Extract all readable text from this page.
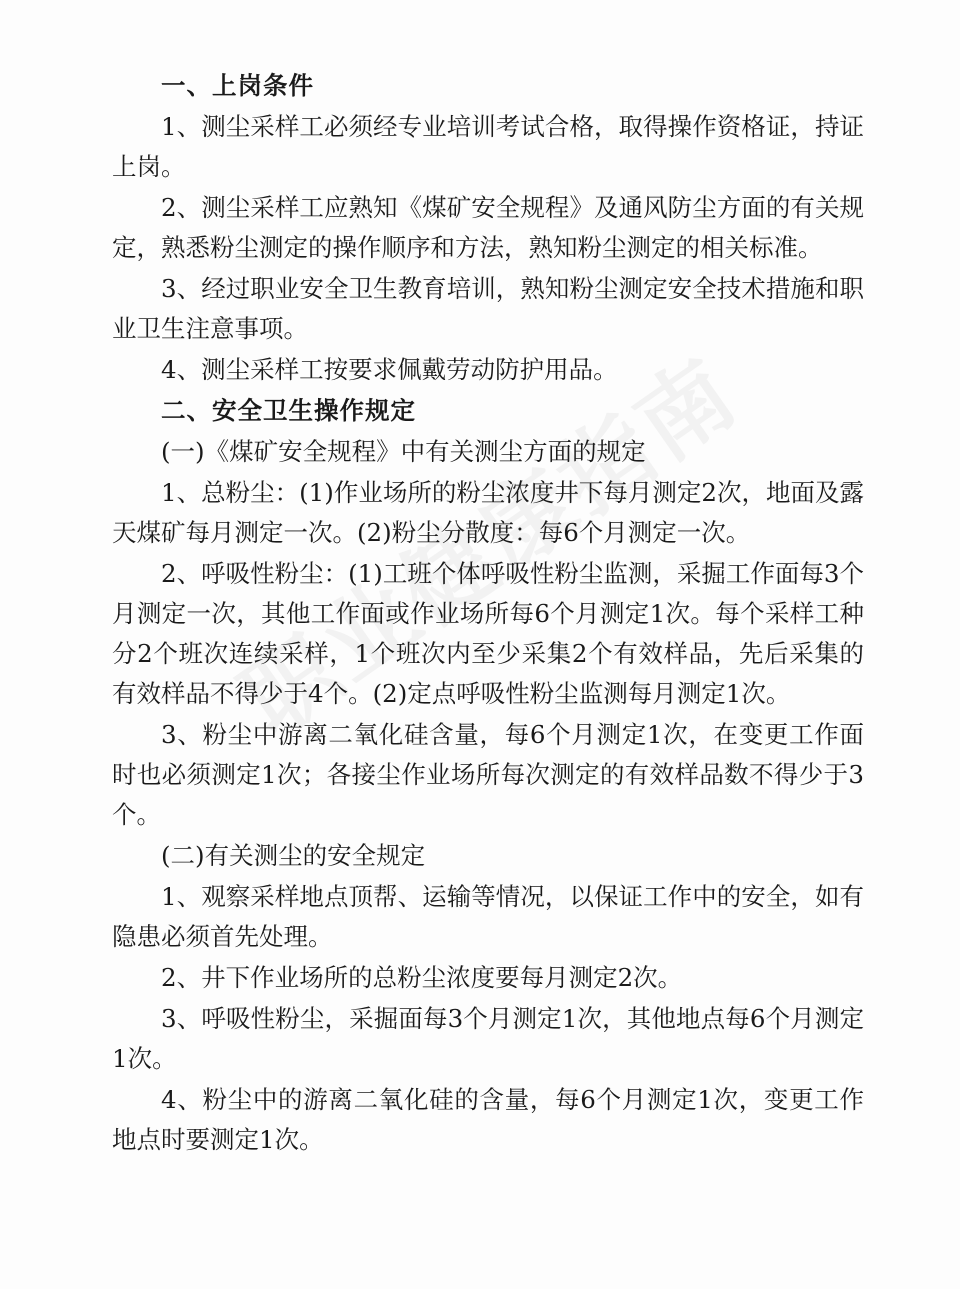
一、上岗条件

1、测尘采样工必须经专业培训考试合格，取得操作资格证，持证上岗。

2、测尘采样工应熟知《煤矿安全规程》及通风防尘方面的有关规定，熟悉粉尘测定的操作顺序和方法，熟知粉尘测定的相关标准。

3、经过职业安全卫生教育培训，熟知粉尘测定安全技术措施和职业卫生注意事项。

4、测尘采样工按要求佩戴劳动防护用品。

二、安全卫生操作规定

(一)《煤矿安全规程》中有关测尘方面的规定

1、总粉尘：(1)作业场所的粉尘浓度井下每月测定2次，地面及露天煤矿每月测定一次。(2)粉尘分散度：每6个月测定一次。

2、呼吸性粉尘：(1)工班个体呼吸性粉尘监测，采掘工作面每3个月测定一次，其他工作面或作业场所每6个月测定1次。每个采样工种分2个班次连续采样，1个班次内至少采集2个有效样品，先后采集的有效样品不得少于4个。(2)定点呼吸性粉尘监测每月测定1次。

3、粉尘中游离二氧化硅含量，每6个月测定1次，在变更工作面时也必须测定1次；各接尘作业场所每次测定的有效样品数不得少于3个。

(二)有关测尘的安全规定

1、观察采样地点顶帮、运输等情况，以保证工作中的安全，如有隐患必须首先处理。

2、井下作业场所的总粉尘浓度要每月测定2次。

3、呼吸性粉尘，采掘面每3个月测定1次，其他地点每6个月测定1次。

4、粉尘中的游离二氧化硅的含量，每6个月测定1次，变更工作地点时要测定1次。
